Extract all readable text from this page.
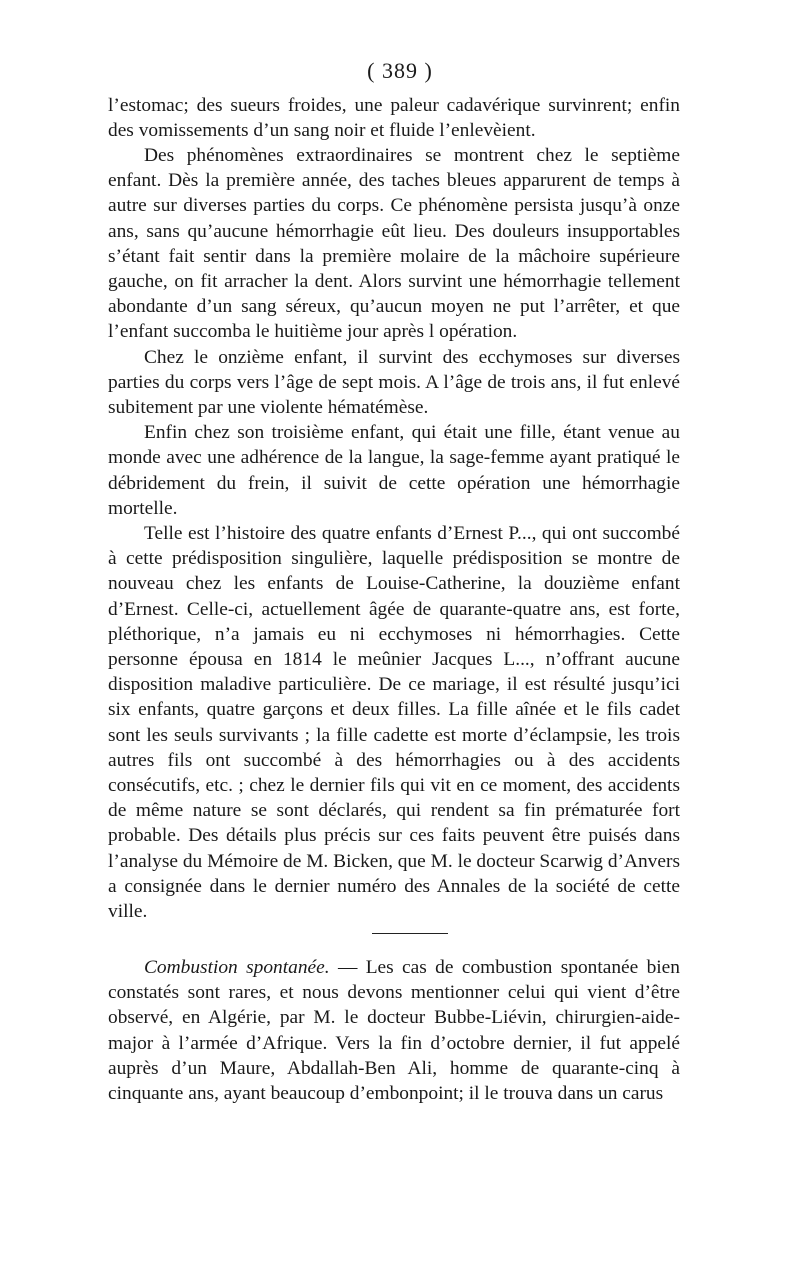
( 389 )

l’estomac; des sueurs froides, une paleur cadavérique survinrent; enfin des vomissements d’un sang noir et fluide l’enlevèient.

Des phénomènes extraordinaires se montrent chez le septième enfant. Dès la première année, des taches bleues apparurent de temps à autre sur diverses parties du corps. Ce phénomène persista jusqu’à onze ans, sans qu’aucune hémorrhagie eût lieu. Des douleurs insupportables s’étant fait sentir dans la première molaire de la mâchoire supérieure gauche, on fit arracher la dent. Alors survint une hémorrhagie tellement abondante d’un sang séreux, qu’aucun moyen ne put l’arrêter, et que l’enfant succomba le huitième jour après l opération.

Chez le onzième enfant, il survint des ecchymoses sur diverses parties du corps vers l’âge de sept mois. A l’âge de trois ans, il fut enlevé subitement par une violente hématémèse.

Enfin chez son troisième enfant, qui était une fille, étant venue au monde avec une adhérence de la langue, la sage-femme ayant pratiqué le débridement du frein, il suivit de cette opération une hémorrhagie mortelle.

Telle est l’histoire des quatre enfants d’Ernest P..., qui ont succombé à cette prédisposition singulière, laquelle prédisposition se montre de nouveau chez les enfants de Louise-Catherine, la douzième enfant d’Ernest. Celle-ci, actuellement âgée de quarante-quatre ans, est forte, pléthorique, n’a jamais eu ni ecchymoses ni hémorrhagies. Cette personne épousa en 1814 le meûnier Jacques L..., n’offrant aucune disposition maladive particulière. De ce mariage, il est résulté jusqu’ici six enfants, quatre garçons et deux filles. La fille aînée et le fils cadet sont les seuls survivants ; la fille cadette est morte d’éclampsie, les trois autres fils ont succombé à des hémorrhagies ou à des accidents consécutifs, etc. ; chez le dernier fils qui vit en ce moment, des accidents de même nature se sont déclarés, qui rendent sa fin prématurée fort probable. Des détails plus précis sur ces faits peuvent être puisés dans l’analyse du Mémoire de M. Bicken, que M. le docteur Scarwig d’Anvers a consignée dans le dernier numéro des Annales de la société de cette ville.

Combustion spontanée. — Les cas de combustion spontanée bien constatés sont rares, et nous devons mentionner celui qui vient d’être observé, en Algérie, par M. le docteur Bubbe-Liévin, chirurgien-aide-major à l’armée d’Afrique. Vers la fin d’octobre dernier, il fut appelé auprès d’un Maure, Abdallah-Ben Ali, homme de quarante-cinq à cinquante ans, ayant beaucoup d’embonpoint; il le trouva dans un carus
